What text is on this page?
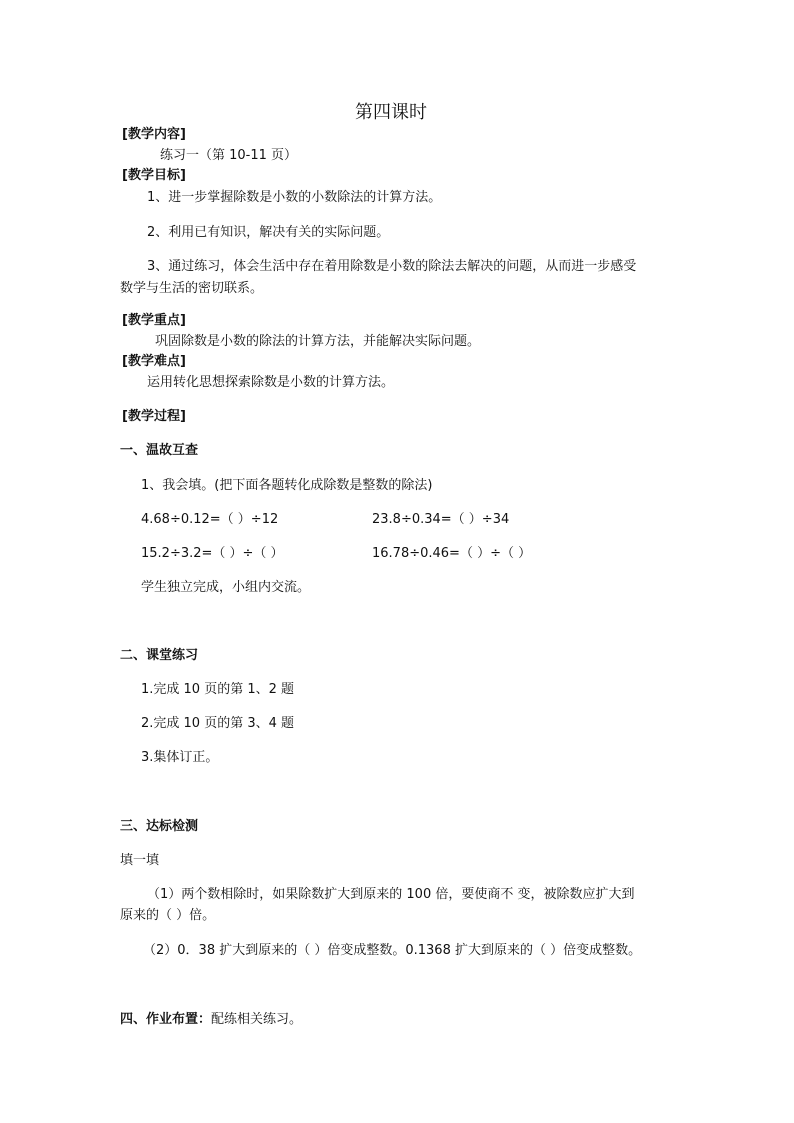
第四课时
[教学内容]
练习一（第 10-11 页）
[教学目标]
1、进一步掌握除数是小数的小数除法的计算方法。
2、利用已有知识，解决有关的实际问题。
3、通过练习，体会生活中存在着用除数是小数的除法去解决的问题，从而进一步感受
数学与生活的密切联系。
[教学重点]
巩固除数是小数的除法的计算方法，并能解决实际问题。
[教学难点]
运用转化思想探索除数是小数的计算方法。
[教学过程]
一、温故互查
1、我会填。(把下面各题转化成除数是整数的除法)
4.68÷0.12=（ ）÷12	23.8÷0.34=（ ）÷34
15.2÷3.2=（ ）÷（ ）	16.78÷0.46=（ ）÷（ ）
学生独立完成，小组内交流。
二、课堂练习
1.完成 10 页的第 1、2 题
2.完成 10 页的第 3、4 题
3.集体订正。
三、达标检测
填一填
（1）两个数相除时，如果除数扩大到原来的 100 倍，要使商不 变，被除数应扩大到
原来的（ ）倍。
（2）0．38 扩大到原来的（ ）倍变成整数。0.1368 扩大到原来的（ ）倍变成整数。
四、作业布置：配练相关练习。
